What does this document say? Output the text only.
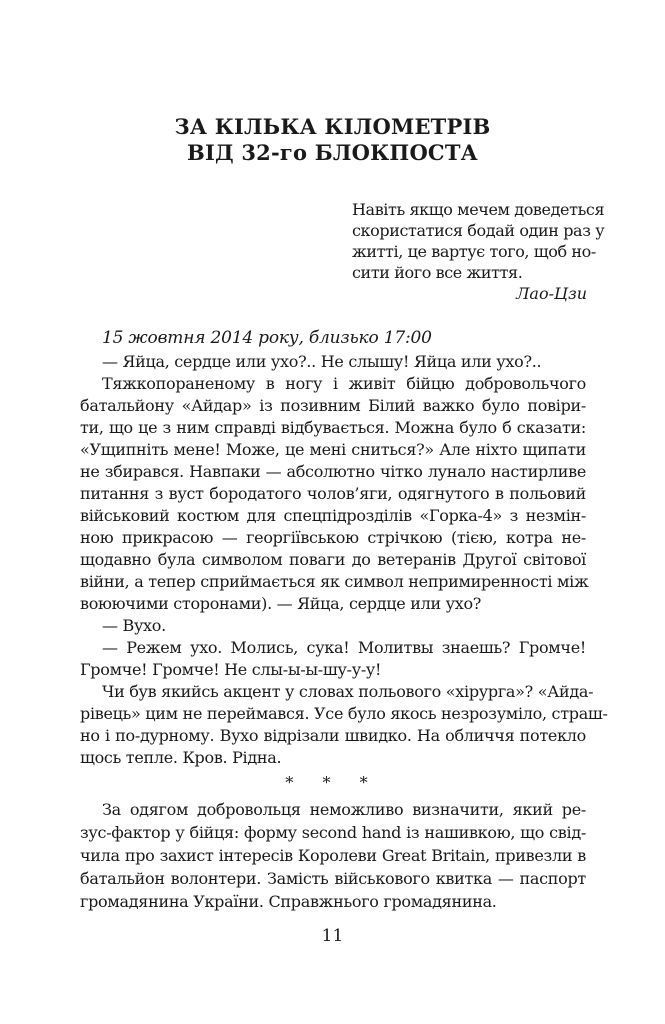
ЗА КІЛЬКА КІЛОМЕТРІВ
ВІД 32-го БЛОКПОСТА
Навіть якщо мечем доведеться
скористатися бодай один раз у
житті, це вартує того, щоб но-
сити його все життя.
Лао-Цзи
15 жовтня 2014 року, близько 17:00
— Яйца, сердце или ухо?.. Не слышу! Яйца или ухо?..
Тяжкопораненому в ногу і живіт бійцю добровольчого
батальйону «Айдар» із позивним Білий важко було повіри-
ти, що це з ним справді відбувається. Можна було б сказати:
«Ущипніть мене! Може, це мені сниться?» Але ніхто щипати
не збирався. Навпаки — абсолютно чітко лунало настирливе
питання з вуст бородатого чолов’яги, одягнутого в польовий
військовий костюм для спецпідрозділів «Горка-4» з незмін-
ною прикрасою — георгіївською стрічкою (тією, котра не-
щодавно була символом поваги до ветеранів Другої світової
війни, а тепер сприймається як символ непримиренності між
воюючими сторонами). — Яйца, сердце или ухо?
— Вухо.
— Режем ухо. Молись, сука! Молитвы знаешь? Громче!
Громче! Громче! Не слы-ы-ы-шу-у-у!
Чи був якийсь акцент у словах польового «хірурга»? «Айда-
рівець» цим не переймався. Усе було якось незрозуміло, страш-
но і по-дурному. Вухо відрізали швидко. На обличчя потекло
щось тепле. Кров. Рідна.
* * *
За одягом добровольця неможливо визначити, який ре-
зус-фактор у бійця: форму second hand із нашивкою, що свід-
чила про захист інтересів Королеви Great Britain, привезли в
батальйон волонтери. Замість військового квитка — паспорт
громадянина України. Справжнього громадянина.
11
